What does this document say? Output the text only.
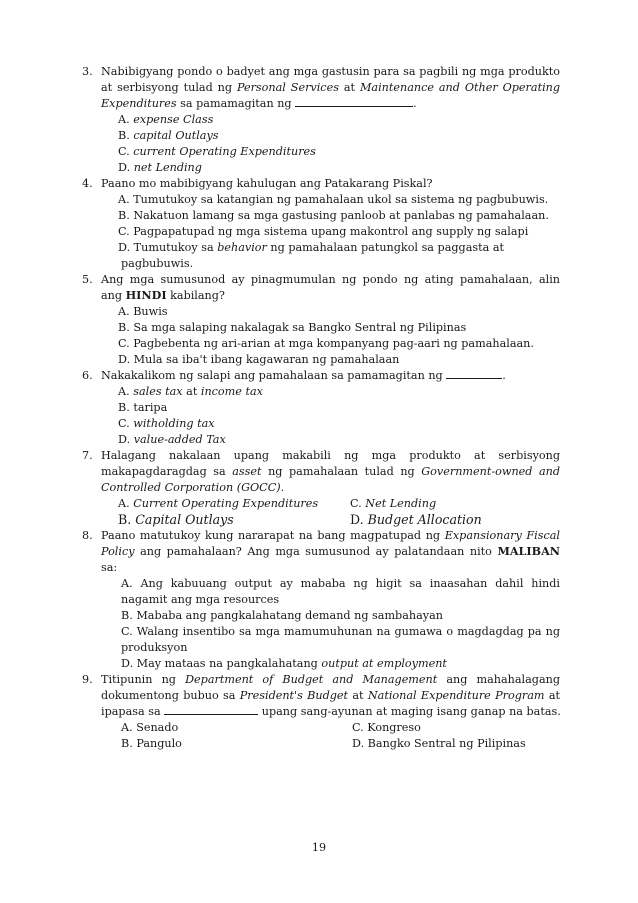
3. Nabibigyang pondo o badyet ang mga gastusin para sa pagbili ng mga produkto
at serbisyong tulad ng Personal Services at Maintenance and Other Operating
Expenditures sa pamamagitan ng	.
A. expense Class
B. capital Outlays
C. current Operating Expenditures
D. net Lending
4. Paano mo mabibigyang kahulugan ang Patakarang Piskal?
A. Tumutukoy sa katangian ng pamahalaan ukol sa sistema ng pagbubuwis.
B. Nakatuon lamang sa mga gastusing panloob at panlabas ng pamahalaan.
C. Pagpapatupad ng mga sistema upang makontrol ang supply ng salapi
D. Tumutukoy sa behavior ng pamahalaan patungkol sa paggasta at
pagbubuwis.
5. Ang mga sumusunod ay pinagmumulan ng pondo ng ating pamahalaan, alin
ang HINDI kabilang?
A. Buwis
B. Sa mga salaping nakalagak sa Bangko Sentral ng Pilipinas
C. Pagbebenta ng ari-arian at mga kompanyang pag-aari ng pamahalaan.
D. Mula sa iba't ibang kagawaran ng pamahalaan
6. Nakakalikom ng salapi ang pamahalaan sa pamamagitan ng	.
A. sales tax at income tax
B. taripa
C. witholding tax
D. value-added Tax
7. Halagang nakalaan upang makabili ng mga produkto at serbisyong
makapagdaragdag sa asset ng pamahalaan tulad ng Government-owned and
Controlled Corporation (GOCC).
A. Current Operating Expenditures	C. Net Lending
B. Capital Outlays	D. Budget Allocation
8. Paano matutukoy kung nararapat na bang magpatupad ng Expansionary Fiscal
Policy ang pamahalaan? Ang mga sumusunod ay palatandaan nito MALIBAN
sa:
A. Ang kabuuang output ay mababa ng higit sa inaasahan dahil hindi
nagamit ang mga resources
B. Mababa ang pangkalahatang demand ng sambahayan
C. Walang insentibo sa mga mamumuhunan na gumawa o magdagdag pa ng
produksyon
D. May mataas na pangkalahatang output at employment
9. Titipunin ng Department of Budget and Management ang mahahalagang
dokumentong bubuo sa President's Budget at National Expenditure Program at
ipapasa sa	upang sang-ayunan at maging isang ganap na batas.
A. Senado	C. Kongreso
B. Pangulo	D. Bangko Sentral ng Pilipinas
19
